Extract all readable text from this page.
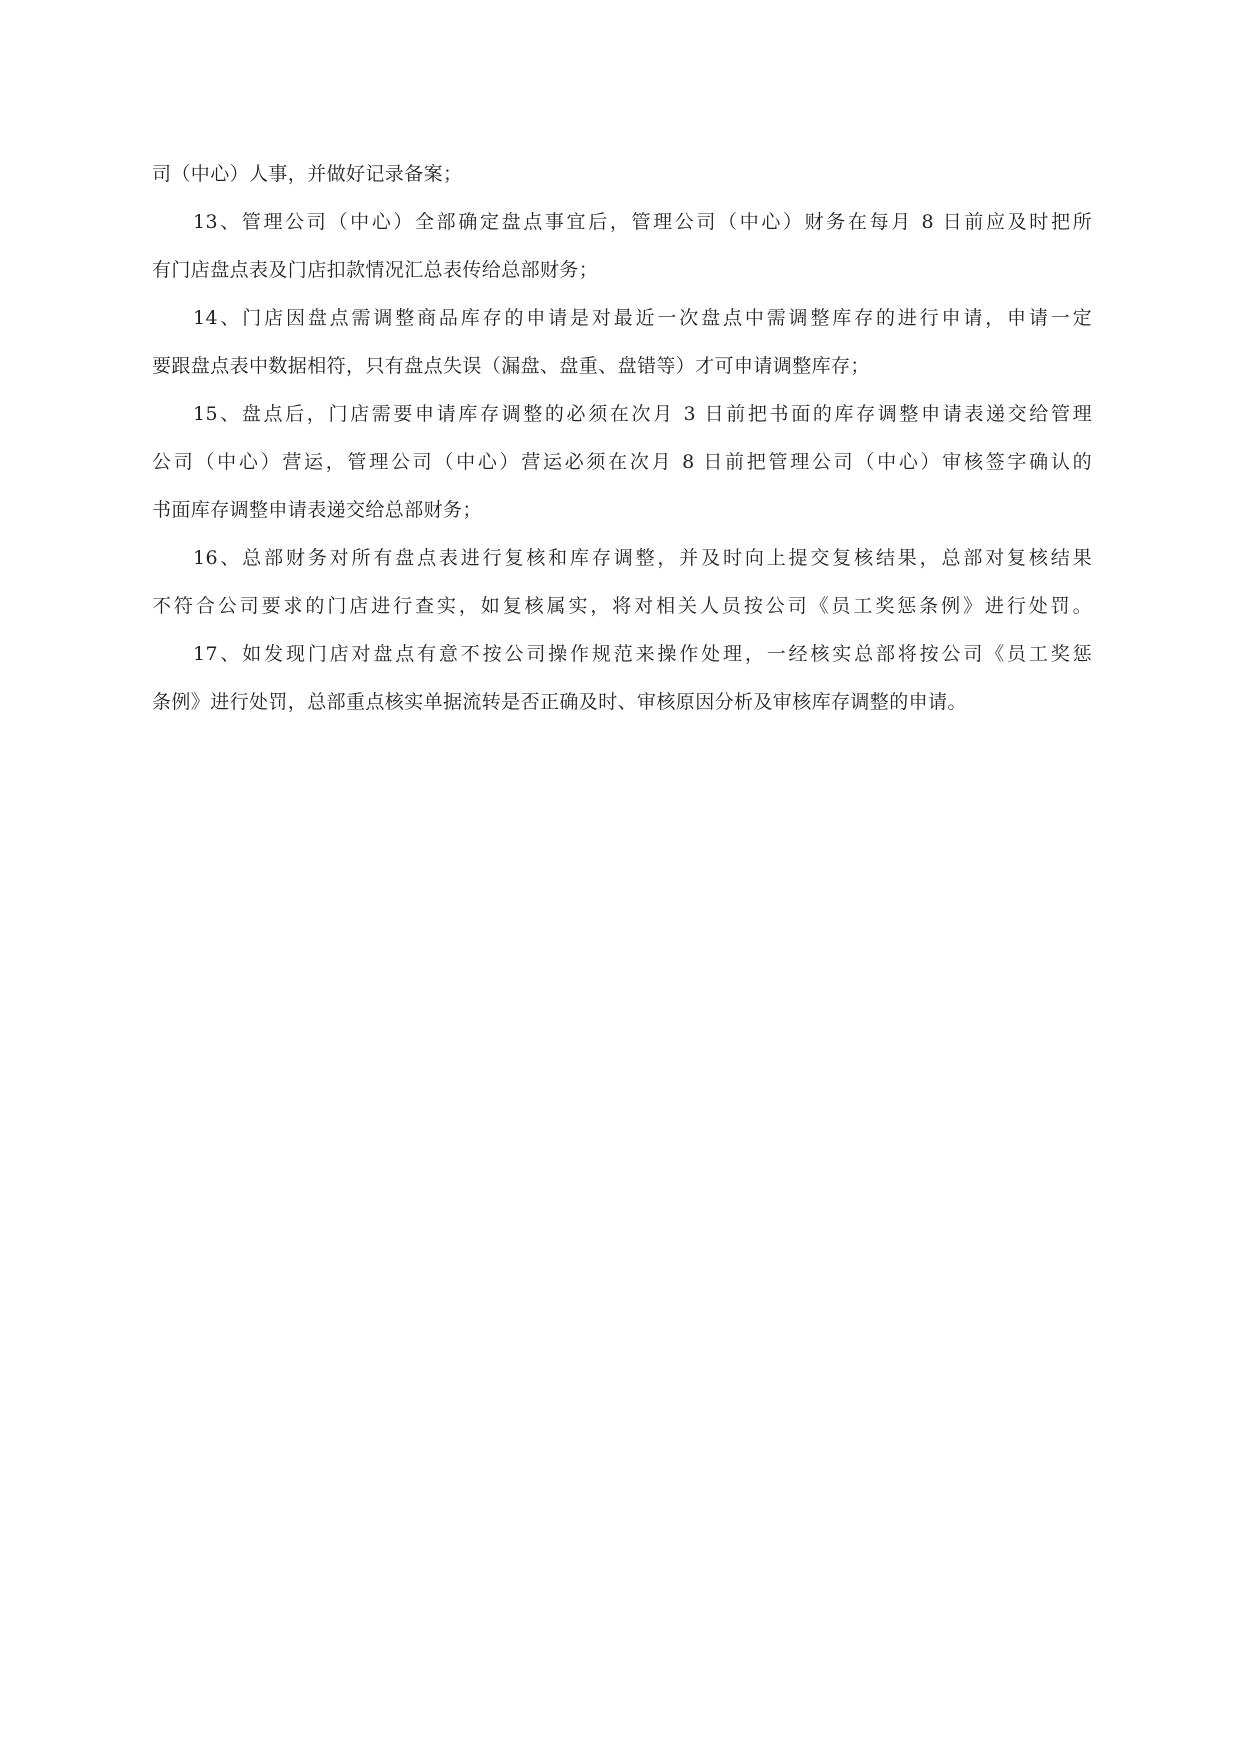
司（中心）人事，并做好记录备案；
13、管理公司（中心）全部确定盘点事宜后，管理公司（中心）财务在每月 8 日前应及时把所
有门店盘点表及门店扣款情况汇总表传给总部财务；
14、门店因盘点需调整商品库存的申请是对最近一次盘点中需调整库存的进行申请，申请一定
要跟盘点表中数据相符，只有盘点失误（漏盘、盘重、盘错等）才可申请调整库存；
15、盘点后，门店需要申请库存调整的必须在次月 3 日前把书面的库存调整申请表递交给管理
公司（中心）营运，管理公司（中心）营运必须在次月 8 日前把管理公司（中心）审核签字确认的
书面库存调整申请表递交给总部财务；
16、总部财务对所有盘点表进行复核和库存调整，并及时向上提交复核结果，总部对复核结果
不符合公司要求的门店进行查实，如复核属实，将对相关人员按公司《员工奖惩条例》进行处罚。
17、如发现门店对盘点有意不按公司操作规范来操作处理，一经核实总部将按公司《员工奖惩
条例》进行处罚，总部重点核实单据流转是否正确及时、审核原因分析及审核库存调整的申请。
